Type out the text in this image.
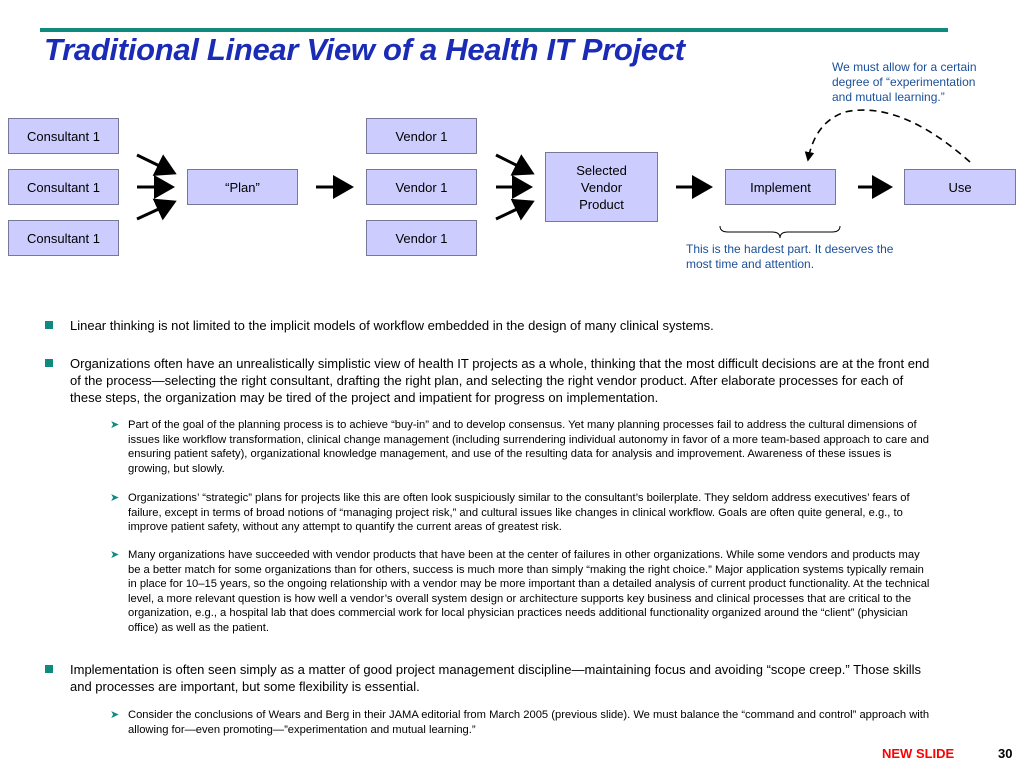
Traditional Linear View of a Health IT Project	We must allow for a certain degree of “experimentation and mutual learning.”
Consultant 1
Consultant 1
Consultant 1
“Plan”
Vendor 1
Vendor 1
Vendor 1
Selected Vendor Product
Implement	Use
This is the hardest part. It deserves the most time and attention.
Linear thinking is not limited to the implicit models of workflow embedded in the design of many clinical systems.
Organizations often have an unrealistically simplistic view of health IT projects as a whole, thinking that the most difficult decisions are at the front end of the process—selecting the right consultant, drafting the right plan, and selecting the right vendor product. After elaborate processes for each of these steps, the organization may be tired of the project and impatient for progress on implementation.
➤ Part of the goal of the planning process is to achieve “buy-in” and to develop consensus. Yet many planning processes fail to address the cultural dimensions of issues like workflow transformation, clinical change management (including surrendering individual autonomy in favor of a more team-based approach to care and ensuring patient safety), organizational knowledge management, and use of the resulting data for analysis and improvement. Awareness of these issues is growing, but slowly.
➤ Organizations’ “strategic” plans for projects like this are often look suspiciously similar to the consultant’s boilerplate. They seldom address executives’ fears of failure, except in terms of broad notions of “managing project risk,” and cultural issues like changes in clinical workflow. Goals are often quite general, e.g., to improve patient safety, without any attempt to quantify the current areas of greatest risk.
➤ Many organizations have succeeded with vendor products that have been at the center of failures in other organizations. While some vendors and products may be a better match for some organizations than for others, success is much more than simply “making the right choice.” Major application systems typically remain in place for 10–15 years, so the ongoing relationship with a vendor may be more important than a detailed analysis of current product functionality. At the technical level, a more relevant question is how well a vendor’s overall system design or architecture supports key business and clinical processes that are critical to the organization, e.g., a hospital lab that does commercial work for local physician practices needs additional functionality organized around the “client” (physician office) as well as the patient.
Implementation is often seen simply as a matter of good project management discipline—maintaining focus and avoiding “scope creep.” Those skills and processes are important, but some flexibility is essential.
➤ Consider the conclusions of Wears and Berg in their JAMA editorial from March 2005 (previous slide). We must balance the “command and control” approach with allowing for—even promoting—”experimentation and mutual learning.”
NEW SLIDE	30
